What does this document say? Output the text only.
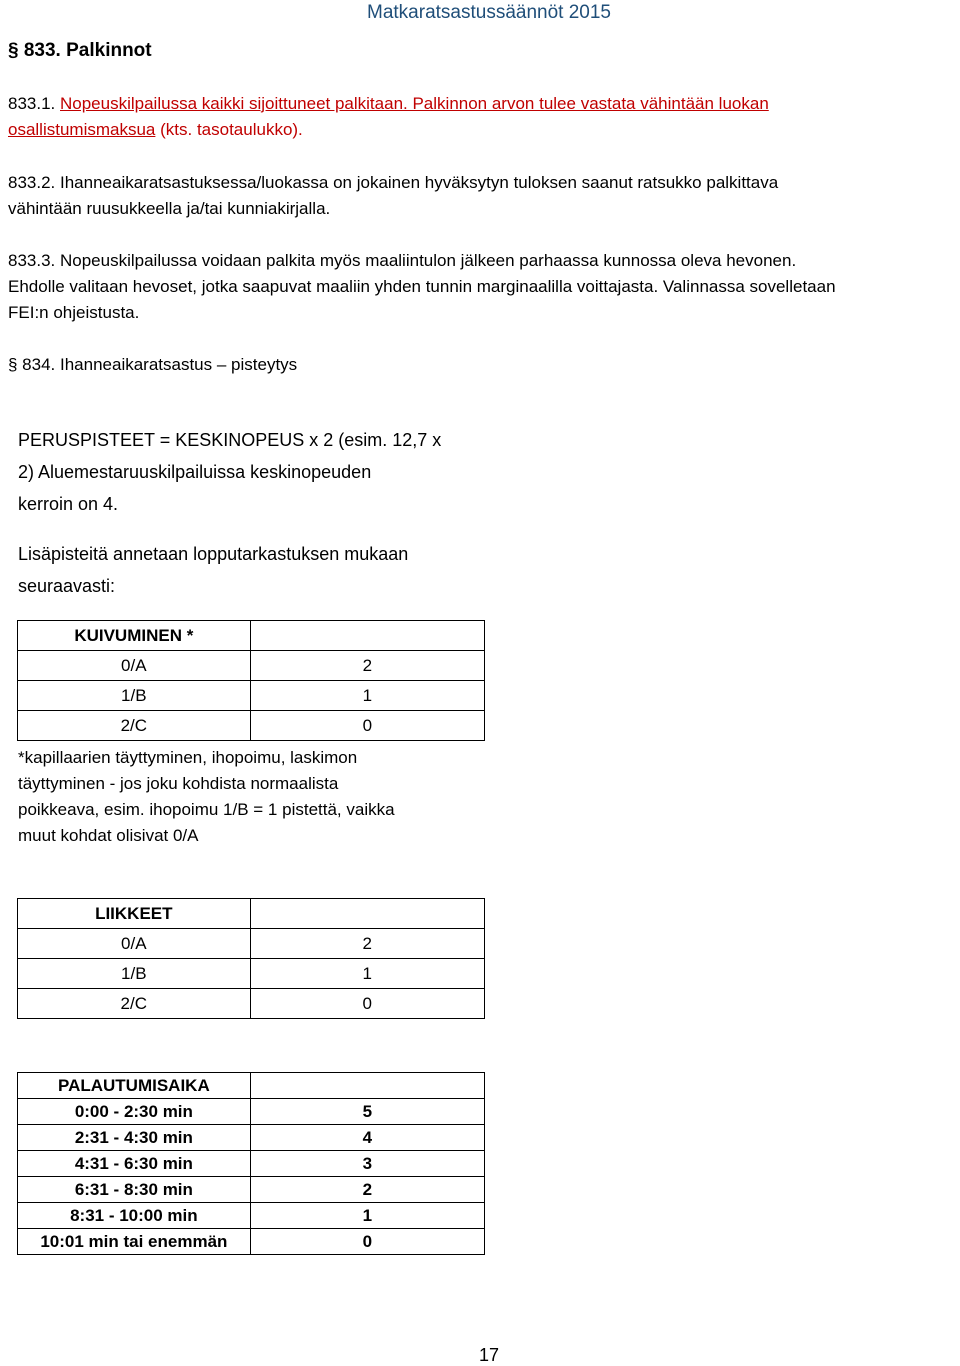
Matkaratsastussäännöt 2015
§ 833. Palkinnot
833.1. Nopeuskilpailussa kaikki sijoittuneet palkitaan. Palkinnon arvon tulee vastata vähintään luokan
osallistumismaksua (kts. tasotaulukko).
833.2. Ihanneaikaratsastuksessa/luokassa on jokainen hyväksytyn tuloksen saanut ratsukko palkittava
vähintään ruusukkeella ja/tai kunniakirjalla.
833.3. Nopeuskilpailussa voidaan palkita myös maaliintulon jälkeen parhaassa kunnossa oleva hevonen.
Ehdolle valitaan hevoset, jotka saapuvat maaliin yhden tunnin marginaalilla voittajasta. Valinnassa sovelletaan
FEI:n ohjeistusta.
§ 834. Ihanneaikaratsastus – pisteytys
PERUSPISTEET = KESKINOPEUS x 2 (esim. 12,7 x
2) Aluemestaruuskilpailuissa keskinopeuden
kerroin on 4.
Lisäpisteitä annetaan lopputarkastuksen mukaan
seuraavasti:
KUIVUMINEN *	
0/A	2
1/B	1
2/C	0
*kapillaarien täyttyminen, ihopoimu, laskimon
täyttyminen - jos joku kohdista normaalista
poikkeava, esim. ihopoimu 1/B = 1 pistettä, vaikka
muut kohdat olisivat 0/A
LIIKKEET	
0/A	2
1/B	1
2/C	0
PALAUTUMISAIKA	
0:00 - 2:30 min	5
2:31 - 4:30 min	4
4:31 - 6:30 min	3
6:31 - 8:30 min	2
8:31 - 10:00 min	1
10:01 min tai enemmän	0
17
